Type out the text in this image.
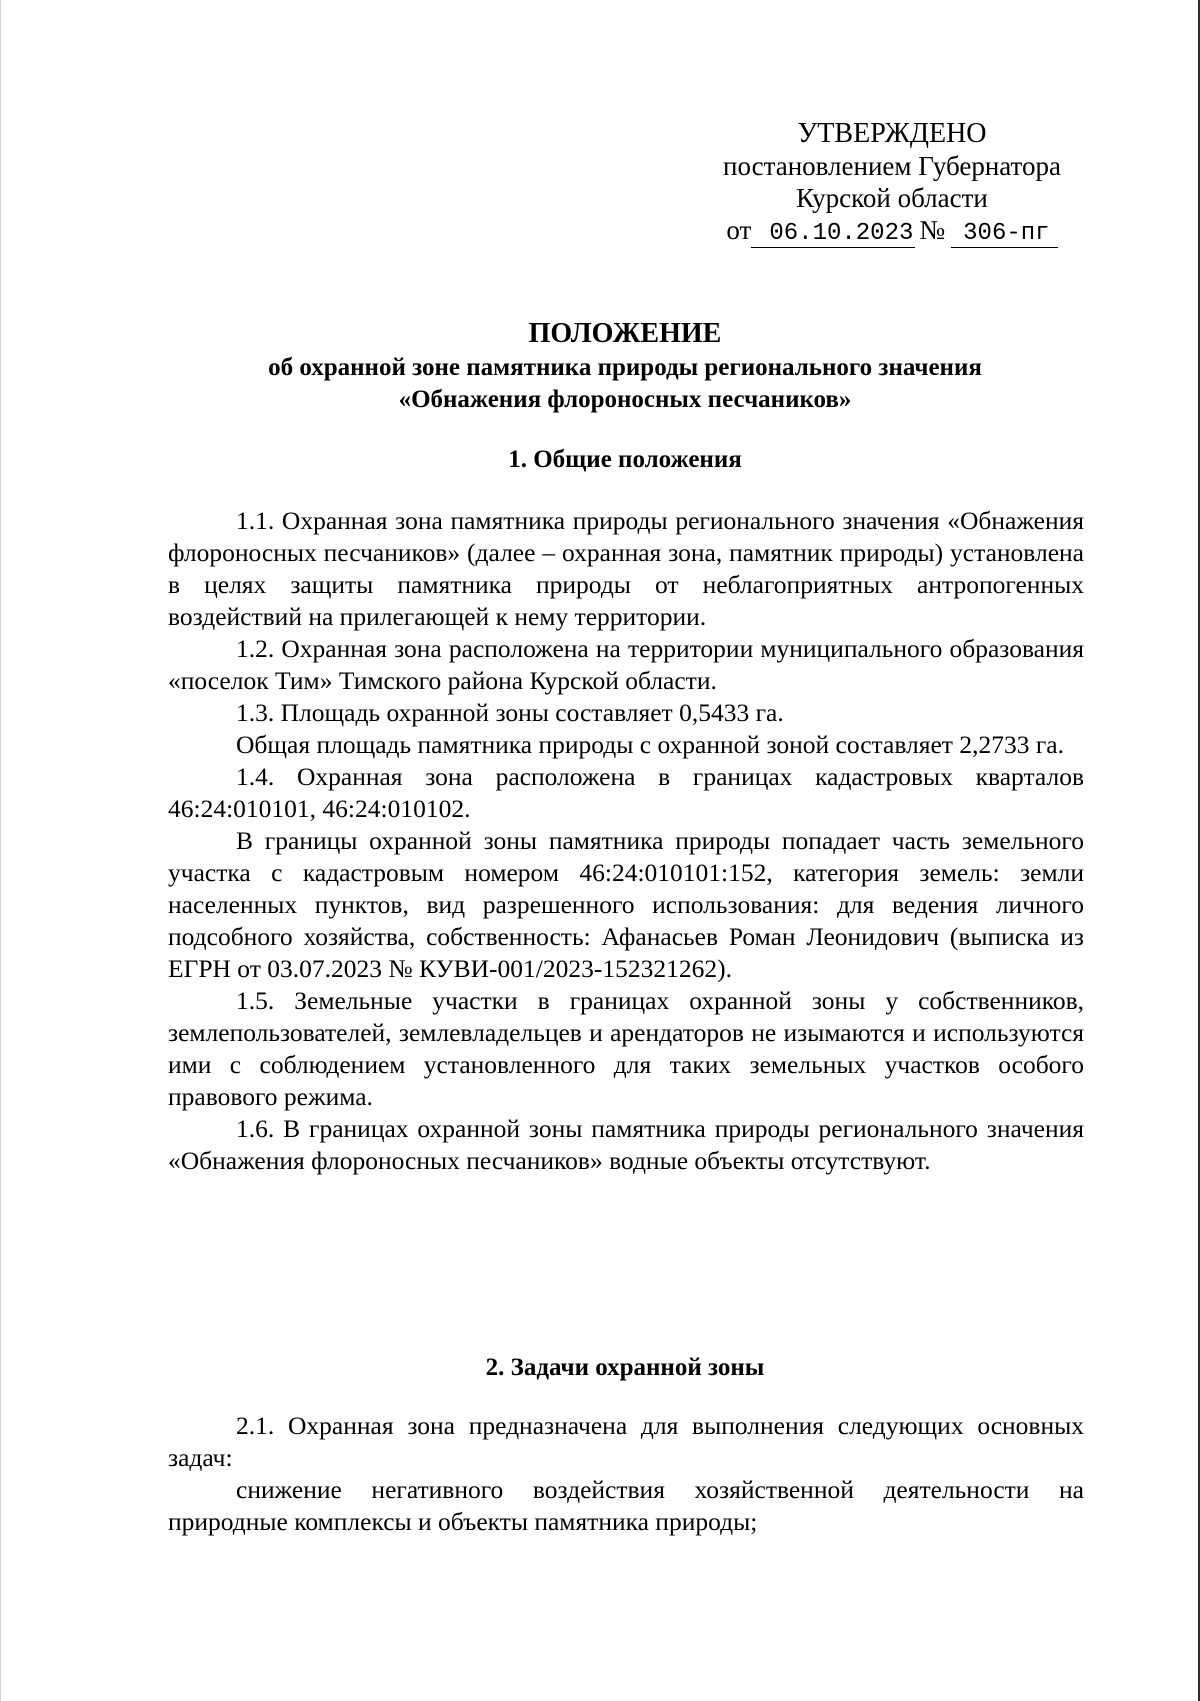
УТВЕРЖДЕНО
постановлением Губернатора
Курской области
от 06.10.2023 № 306-пг
ПОЛОЖЕНИЕ
об охранной зоне памятника природы регионального значения
«Обнажения флороносных песчаников»
1. Общие положения

1.1. Охранная зона памятника природы регионального значения «Обнажения флороносных песчаников» (далее – охранная зона, памятник природы) установлена в целях защиты памятника природы от неблагоприятных антропогенных воздействий на прилегающей к нему территории.

1.2. Охранная зона расположена на территории муниципального образования «поселок Тим» Тимского района Курской области.

1.3. Площадь охранной зоны составляет 0,5433 га.

Общая площадь памятника природы с охранной зоной составляет 2,2733 га.

1.4. Охранная зона расположена в границах кадастровых кварталов 46:24:010101, 46:24:010102.

В границы охранной зоны памятника природы попадает часть земельного участка с кадастровым номером 46:24:010101:152, категория земель: земли населенных пунктов, вид разрешенного использования: для ведения личного подсобного хозяйства, собственность: Афанасьев Роман Леонидович (выписка из ЕГРН от 03.07.2023 № КУВИ-001/2023-152321262).

1.5. Земельные участки в границах охранной зоны у собственников, землепользователей, землевладельцев и арендаторов не изымаются и используются ими с соблюдением установленного для таких земельных участков особого правового режима.

1.6. В границах охранной зоны памятника природы регионального значения «Обнажения флороносных песчаников» водные объекты отсутствуют.

2. Задачи охранной зоны

2.1. Охранная зона предназначена для выполнения следующих основных задач:

снижение негативного воздействия хозяйственной деятельности на природные комплексы и объекты памятника природы;
